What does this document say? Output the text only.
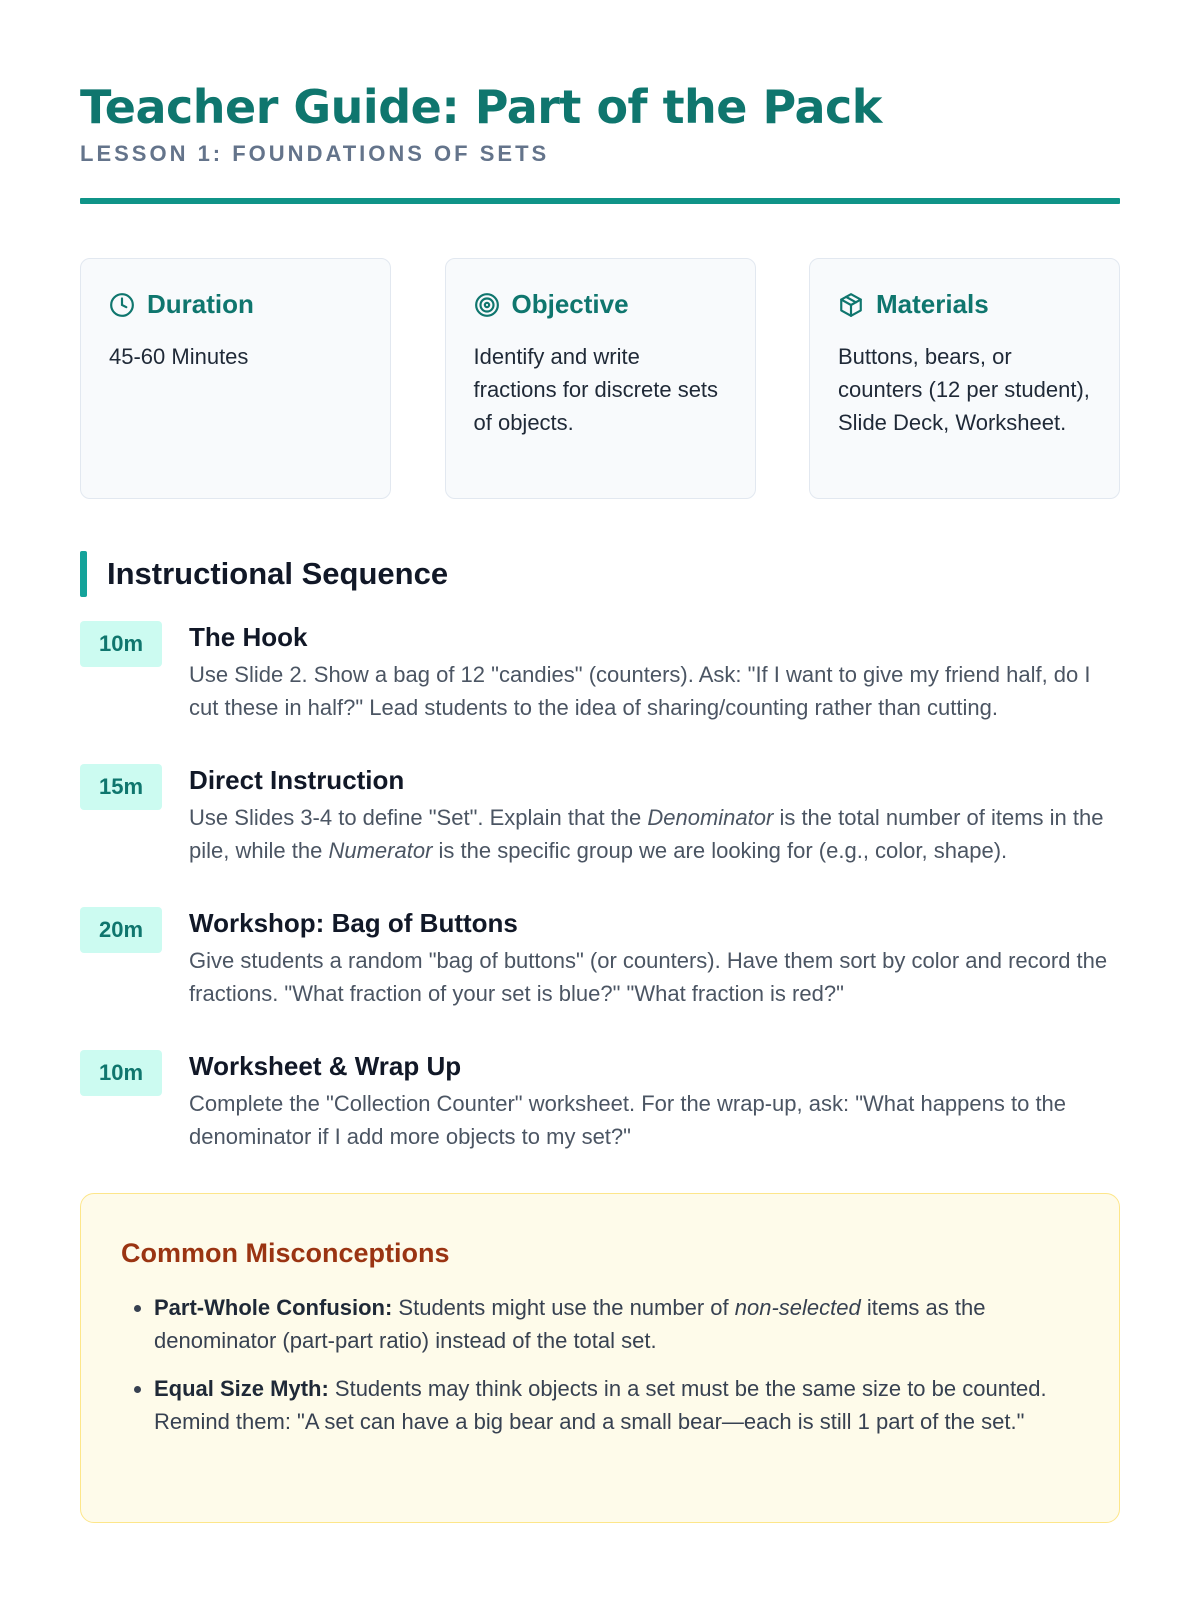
Teacher Guide: Part of the Pack
LESSON 1: FOUNDATIONS OF SETS
Duration
45-60 Minutes
Objective
Identify and write fractions for discrete sets of objects.
Materials
Buttons, bears, or counters (12 per student), Slide Deck, Worksheet.
Instructional Sequence
10m	The Hook
Use Slide 2. Show a bag of 12 "candies" (counters). Ask: "If I want to give my friend half, do I cut these in half?" Lead students to the idea of sharing/counting rather than cutting.
15m	Direct Instruction
Use Slides 3-4 to define "Set". Explain that the Denominator is the total number of items in the pile, while the Numerator is the specific group we are looking for (e.g., color, shape).
20m	Workshop: Bag of Buttons
Give students a random "bag of buttons" (or counters). Have them sort by color and record the fractions. "What fraction of your set is blue?" "What fraction is red?"
10m	Worksheet & Wrap Up
Complete the "Collection Counter" worksheet. For the wrap-up, ask: "What happens to the denominator if I add more objects to my set?"
Common Misconceptions
• Part-Whole Confusion: Students might use the number of non-selected items as the denominator (part-part ratio) instead of the total set.
• Equal Size Myth: Students may think objects in a set must be the same size to be counted. Remind them: "A set can have a big bear and a small bear—each is still 1 part of the set."
